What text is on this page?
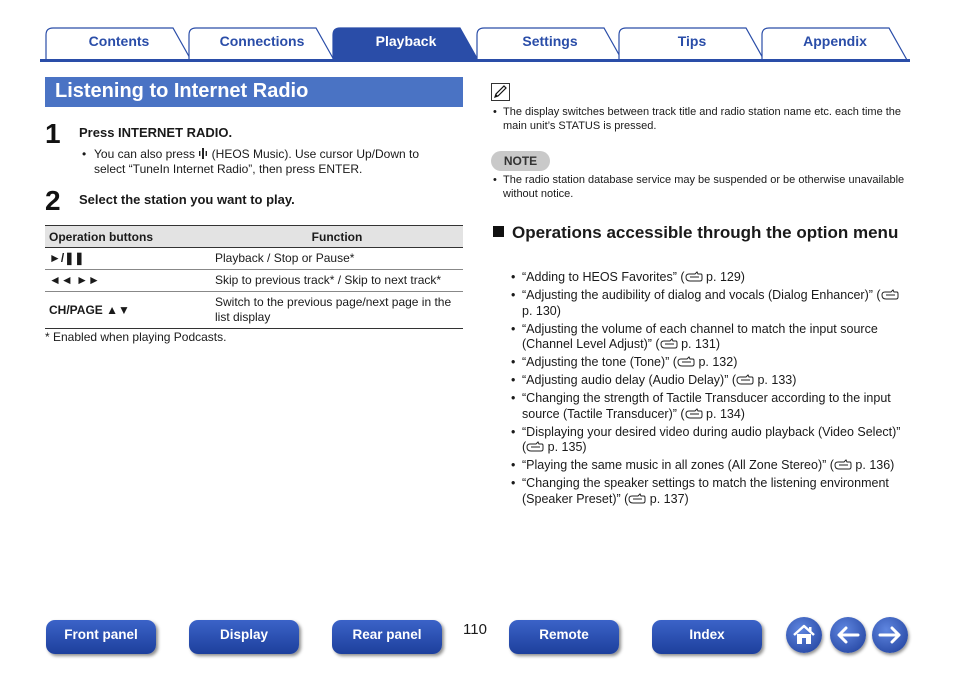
Contents	Connections	Playback	Settings	Tips	Appendix
Listening to Internet Radio
1 Press INTERNET RADIO.
• You can also press (HEOS Music). Use cursor Up/Down to
select “TuneIn Internet Radio”, then press ENTER.
2 Select the station you want to play.
Operation buttons	Function
►/❚❚	Playback / Stop or Pause*
◄◄ ►►	Skip to previous track* / Skip to next track*
CH/PAGE ▲▼	Switch to the previous page/next page in the list display
* Enabled when playing Podcasts.
• The display switches between track title and radio station name etc. each time the main unit’s STATUS is pressed.
NOTE
• The radio station database service may be suspended or be otherwise unavailable without notice.
Operations accessible through the option menu
• “Adding to HEOS Favorites” ( p. 129)
• “Adjusting the audibility of dialog and vocals (Dialog Enhancer)” ( p. 130)
• “Adjusting the volume of each channel to match the input source (Channel Level Adjust)” ( p. 131)
• “Adjusting the tone (Tone)” ( p. 132)
• “Adjusting audio delay (Audio Delay)” ( p. 133)
• “Changing the strength of Tactile Transducer according to the input source (Tactile Transducer)” ( p. 134)
• “Displaying your desired video during audio playback (Video Select)” ( p. 135)
• “Playing the same music in all zones (All Zone Stereo)” ( p. 136)
• “Changing the speaker settings to match the listening environment (Speaker Preset)” ( p. 137)
Front panel	Display	Rear panel	110	Remote	Index
